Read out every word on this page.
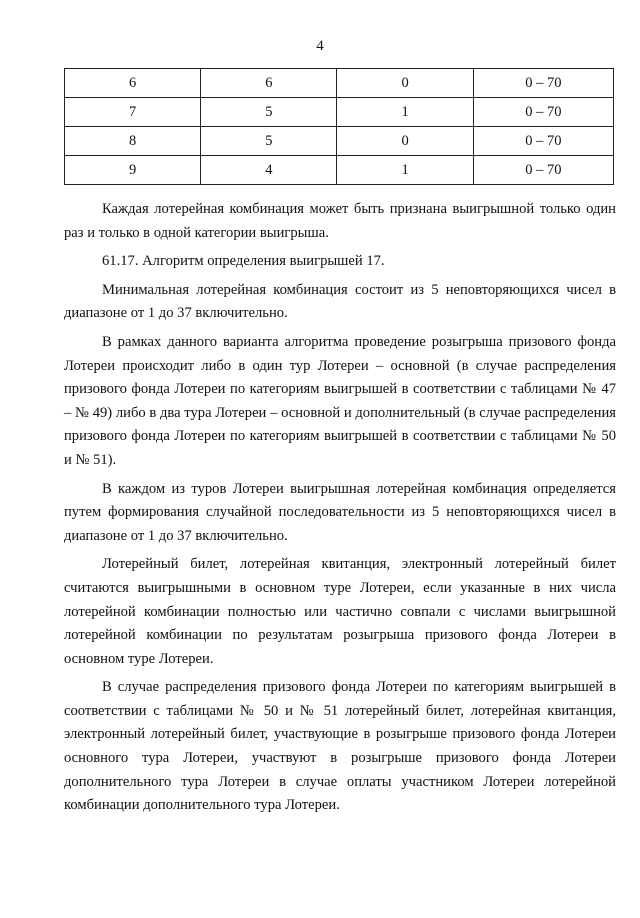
4
6	6	0	0 – 70
7	5	1	0 – 70
8	5	0	0 – 70
9	4	1	0 – 70

Каждая лотерейная комбинация может быть признана выигрышной только один раз и только в одной категории выигрыша.

61.17. Алгоритм определения выигрышей 17.

Минимальная лотерейная комбинация состоит из 5 неповторяющихся чисел в диапазоне от 1 до 37 включительно.

В рамках данного варианта алгоритма проведение розыгрыша призового фонда Лотереи происходит либо в один тур Лотереи – основной (в случае распределения призового фонда Лотереи по категориям выигрышей в соответствии с таблицами № 47 – № 49) либо в два тура Лотереи – основной и дополнительный (в случае распределения призового фонда Лотереи по категориям выигрышей в соответствии с таблицами № 50 и № 51).

В каждом из туров Лотереи выигрышная лотерейная комбинация определяется путем формирования случайной последовательности из 5 неповторяющихся чисел в диапазоне от 1 до 37 включительно.

Лотерейный билет, лотерейная квитанция, электронный лотерейный билет считаются выигрышными в основном туре Лотереи, если указанные в них числа лотерейной комбинации полностью или частично совпали с числами выигрышной лотерейной комбинации по результатам розыгрыша призового фонда Лотереи в основном туре Лотереи.

В случае распределения призового фонда Лотереи по категориям выигрышей в соответствии с таблицами № 50 и № 51 лотерейный билет, лотерейная квитанция, электронный лотерейный билет, участвующие в розыгрыше призового фонда Лотереи основного тура Лотереи, участвуют в розыгрыше призового фонда Лотереи дополнительного тура Лотереи в случае оплаты участником Лотереи лотерейной комбинации дополнительного тура Лотереи.
